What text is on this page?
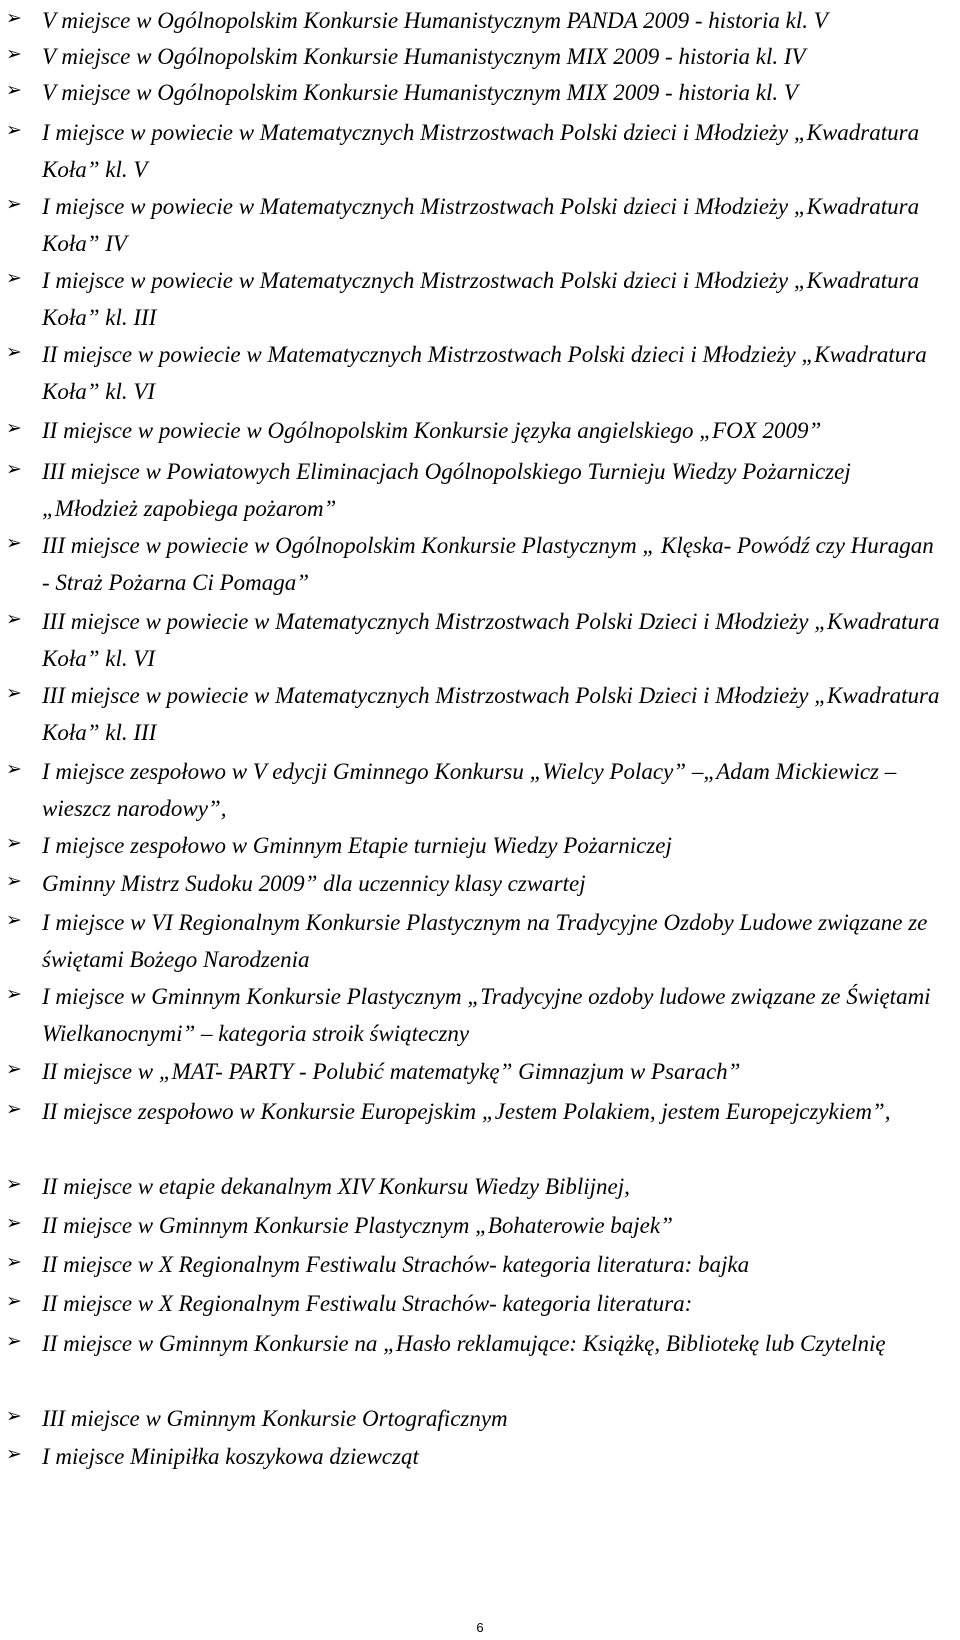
➢ V miejsce w Ogólnopolskim Konkursie Humanistycznym PANDA 2009 - historia kl. V
➢ V miejsce w Ogólnopolskim Konkursie Humanistycznym MIX 2009 - historia kl. IV
➢ V miejsce w Ogólnopolskim Konkursie Humanistycznym MIX 2009 - historia kl. V
➢ I miejsce w powiecie w Matematycznych Mistrzostwach Polski dzieci i Młodzieży „Kwadratura Koła” kl. V
➢ I miejsce w powiecie w Matematycznych Mistrzostwach Polski dzieci i Młodzieży „Kwadratura Koła” IV
➢ I miejsce w powiecie w Matematycznych Mistrzostwach Polski dzieci i Młodzieży „Kwadratura Koła” kl. III
➢ II miejsce w powiecie w Matematycznych Mistrzostwach Polski dzieci i Młodzieży „Kwadratura Koła” kl. VI
➢ II miejsce w powiecie w Ogólnopolskim Konkursie języka angielskiego „FOX 2009”
➢ III miejsce w Powiatowych Eliminacjach Ogólnopolskiego Turnieju Wiedzy Pożarniczej „Młodzież zapobiega pożarom”
➢ III miejsce w powiecie w Ogólnopolskim Konkursie Plastycznym „ Klęska- Powódź czy Huragan - Straż Pożarna Ci Pomaga”
➢ III miejsce w powiecie w Matematycznych Mistrzostwach Polski Dzieci i Młodzieży „Kwadratura Koła” kl. VI
➢ III miejsce w powiecie w Matematycznych Mistrzostwach Polski Dzieci i Młodzieży „Kwadratura Koła” kl. III
➢ I miejsce zespołowo w V edycji Gminnego Konkursu „Wielcy Polacy” –„Adam Mickiewicz – wieszcz narodowy”,
➢ I miejsce zespołowo w Gminnym Etapie turnieju Wiedzy Pożarniczej
➢ Gminny Mistrz Sudoku 2009” dla uczennicy klasy czwartej
➢ I miejsce w VI Regionalnym Konkursie Plastycznym na Tradycyjne Ozdoby Ludowe związane ze świętami Bożego Narodzenia
➢ I miejsce w Gminnym Konkursie Plastycznym „Tradycyjne ozdoby ludowe związane ze Świętami Wielkanocnymi” – kategoria stroik świąteczny
➢ II miejsce w „MAT- PARTY - Polubić matematykę” Gimnazjum w Psarach”
➢ II miejsce zespołowo w Konkursie Europejskim „Jestem Polakiem, jestem Europejczykiem”,
➢ II miejsce w etapie dekanalnym XIV Konkursu Wiedzy Biblijnej,
➢ II miejsce w Gminnym Konkursie Plastycznym „Bohaterowie bajek”
➢ II miejsce w X Regionalnym Festiwalu Strachów- kategoria literatura: bajka
➢ II miejsce w X Regionalnym Festiwalu Strachów- kategoria literatura:
➢ II miejsce w Gminnym Konkursie na „Hasło reklamujące: Książkę, Bibliotekę lub Czytelnię
➢ III miejsce w Gminnym Konkursie Ortograficznym
➢ I miejsce Minipiłka koszykowa dziewcząt
6
